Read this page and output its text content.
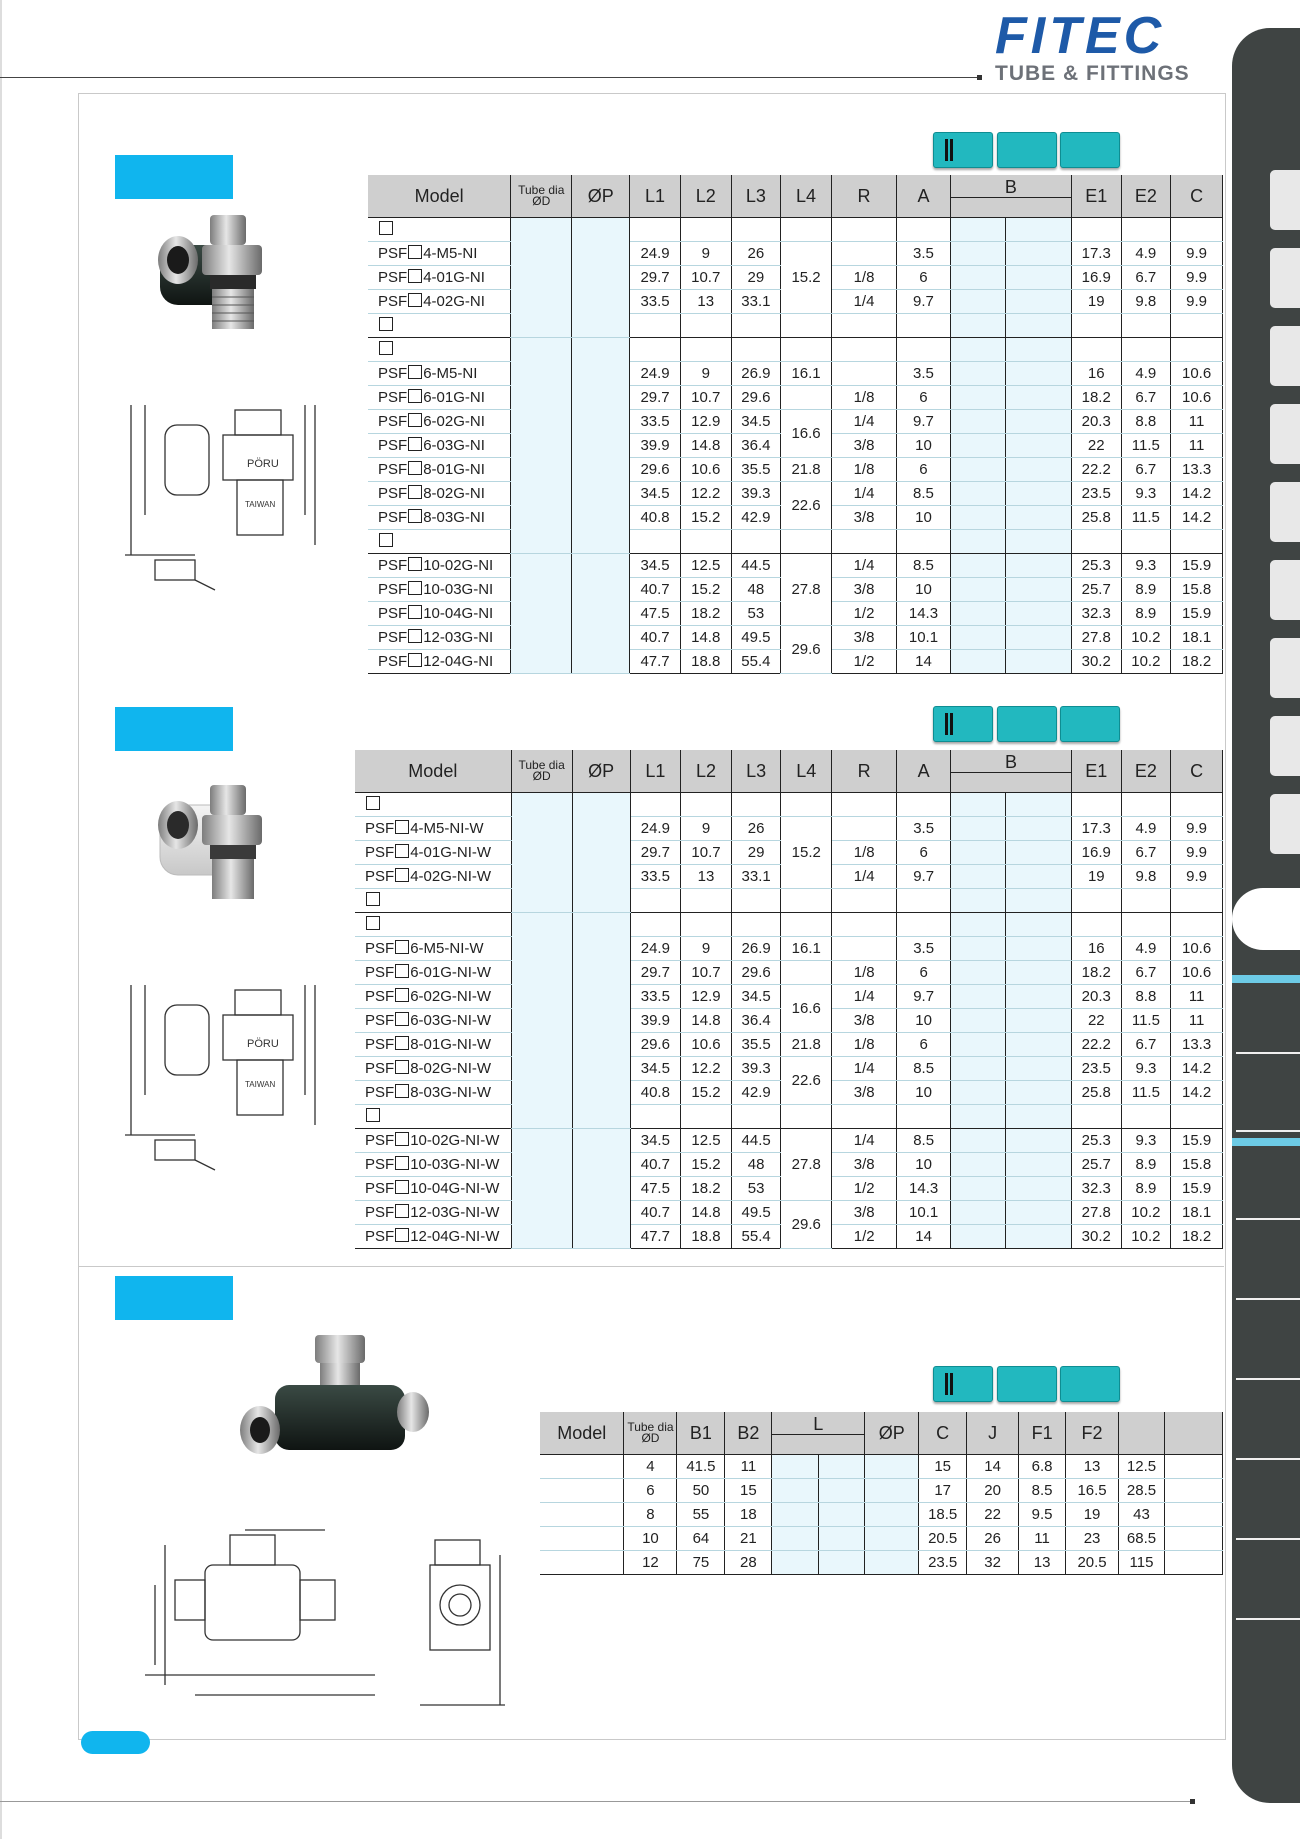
FITEC
TUBE & FITTINGS
PÖRU
TAIWAN
PÖRU
TAIWAN
Model	Tube dia
ØD	ØP	L1	L2	L3	L4	R	A	B		E1	E2	C

PSF 4-M5-NI			24.9	9	26	15.2		3.5			17.3	4.9	9.9
PSF 4-01G-NI			29.7	10.7	29		1/8	6			16.9	6.7	9.9
PSF 4-02G-NI			33.5	13	33.1		1/4	9.7			19	9.8	9.9

PSF 6-M5-NI			24.9	9	26.9	16.1		3.5			16	4.9	10.6
PSF 6-01G-NI			29.7	10.7	29.6		1/8	6			18.2	6.7	10.6
PSF 6-02G-NI			33.5	12.9	34.5	16.6	1/4	9.7			20.3	8.8	11
PSF 6-03G-NI			39.9	14.8	36.4		3/8	10			22	11.5	11
PSF 8-01G-NI			29.6	10.6	35.5	21.8	1/8	6			22.2	6.7	13.3
PSF 8-02G-NI			34.5	12.2	39.3	22.6	1/4	8.5			23.5	9.3	14.2
PSF 8-03G-NI			40.8	15.2	42.9		3/8	10			25.8	11.5	14.2

PSF 10-02G-NI			34.5	12.5	44.5	27.8	1/4	8.5			25.3	9.3	15.9
PSF 10-03G-NI			40.7	15.2	48		3/8	10			25.7	8.9	15.8
PSF 10-04G-NI			47.5	18.2	53		1/2	14.3			32.3	8.9	15.9
PSF 12-03G-NI			40.7	14.8	49.5	29.6	3/8	10.1			27.8	10.2	18.1
PSF 12-04G-NI			47.7	18.8	55.4		1/2	14			30.2	10.2	18.2
Model	Tube dia
ØD	ØP	L1	L2	L3	L4	R	A	B		E1	E2	C

PSF 4-M5-NI-W			24.9	9	26	15.2		3.5			17.3	4.9	9.9
PSF 4-01G-NI-W			29.7	10.7	29		1/8	6			16.9	6.7	9.9
PSF 4-02G-NI-W			33.5	13	33.1		1/4	9.7			19	9.8	9.9

PSF 6-M5-NI-W			24.9	9	26.9	16.1		3.5			16	4.9	10.6
PSF 6-01G-NI-W			29.7	10.7	29.6		1/8	6			18.2	6.7	10.6
PSF 6-02G-NI-W			33.5	12.9	34.5	16.6	1/4	9.7			20.3	8.8	11
PSF 6-03G-NI-W			39.9	14.8	36.4		3/8	10			22	11.5	11
PSF 8-01G-NI-W			29.6	10.6	35.5	21.8	1/8	6			22.2	6.7	13.3
PSF 8-02G-NI-W			34.5	12.2	39.3	22.6	1/4	8.5			23.5	9.3	14.2
PSF 8-03G-NI-W			40.8	15.2	42.9		3/8	10			25.8	11.5	14.2

PSF 10-02G-NI-W			34.5	12.5	44.5	27.8	1/4	8.5			25.3	9.3	15.9
PSF 10-03G-NI-W			40.7	15.2	48		3/8	10			25.7	8.9	15.8
PSF 10-04G-NI-W			47.5	18.2	53		1/2	14.3			32.3	8.9	15.9
PSF 12-03G-NI-W			40.7	14.8	49.5	29.6	3/8	10.1			27.8	10.2	18.1
PSF 12-04G-NI-W			47.7	18.8	55.4		1/2	14			30.2	10.2	18.2
Model	Tube dia
ØD	B1	B2	L		ØP	C	J	F1	F2		
	4	41.5	11				15	14	6.8	13	12.5	
	6	50	15				17	20	8.5	16.5	28.5	
	8	55	18				18.5	22	9.5	19	43	
	10	64	21				20.5	26	11	23	68.5	
	12	75	28				23.5	32	13	20.5	115	
